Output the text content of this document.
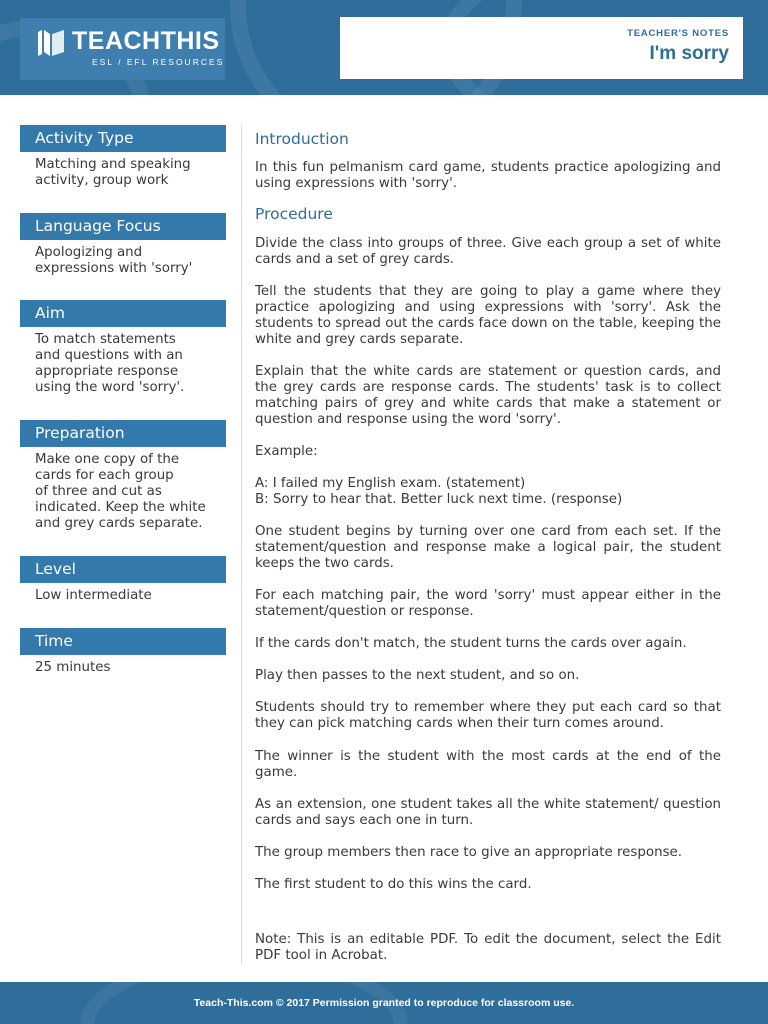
TEACHTHIS
ESL / EFL RESOURCES
TEACHER'S NOTES
I'm sorry
Activity Type
Matching and speaking
activity, group work
Language Focus
Apologizing and
expressions with 'sorry'
Aim
To match statements
and questions with an
appropriate response
using the word 'sorry'.
Preparation
Make one copy of the
cards for each group
of three and cut as
indicated. Keep the white
and grey cards separate.
Level
Low intermediate
Time
25 minutes
Introduction

In this fun pelmanism card game, students practice apologizing and using expressions with 'sorry'.

Procedure

Divide the class into groups of three. Give each group a set of white cards and a set of grey cards.

Tell the students that they are going to play a game where they practice apologizing and using expressions with 'sorry'. Ask the students to spread out the cards face down on the table, keeping the white and grey cards separate.

Explain that the white cards are statement or question cards, and the grey cards are response cards. The students' task is to collect matching pairs of grey and white cards that make a statement or question and response using the word 'sorry'.

Example:

A: I failed my English exam. (statement)

B: Sorry to hear that. Better luck next time. (response)

One student begins by turning over one card from each set. If the statement/question and response make a logical pair, the student keeps the two cards.

For each matching pair, the word 'sorry' must appear either in the statement/question or response.

If the cards don't match, the student turns the cards over again.

Play then passes to the next student, and so on.

Students should try to remember where they put each card so that they can pick matching cards when their turn comes around.

The winner is the student with the most cards at the end of the game.

As an extension, one student takes all the white statement/ question cards and says each one in turn.

The group members then race to give an appropriate response.

The first student to do this wins the card.

Note: This is an editable PDF. To edit the document, select the Edit PDF tool in Acrobat.

Teach-This.com © 2017 Permission granted to reproduce for classroom use.
